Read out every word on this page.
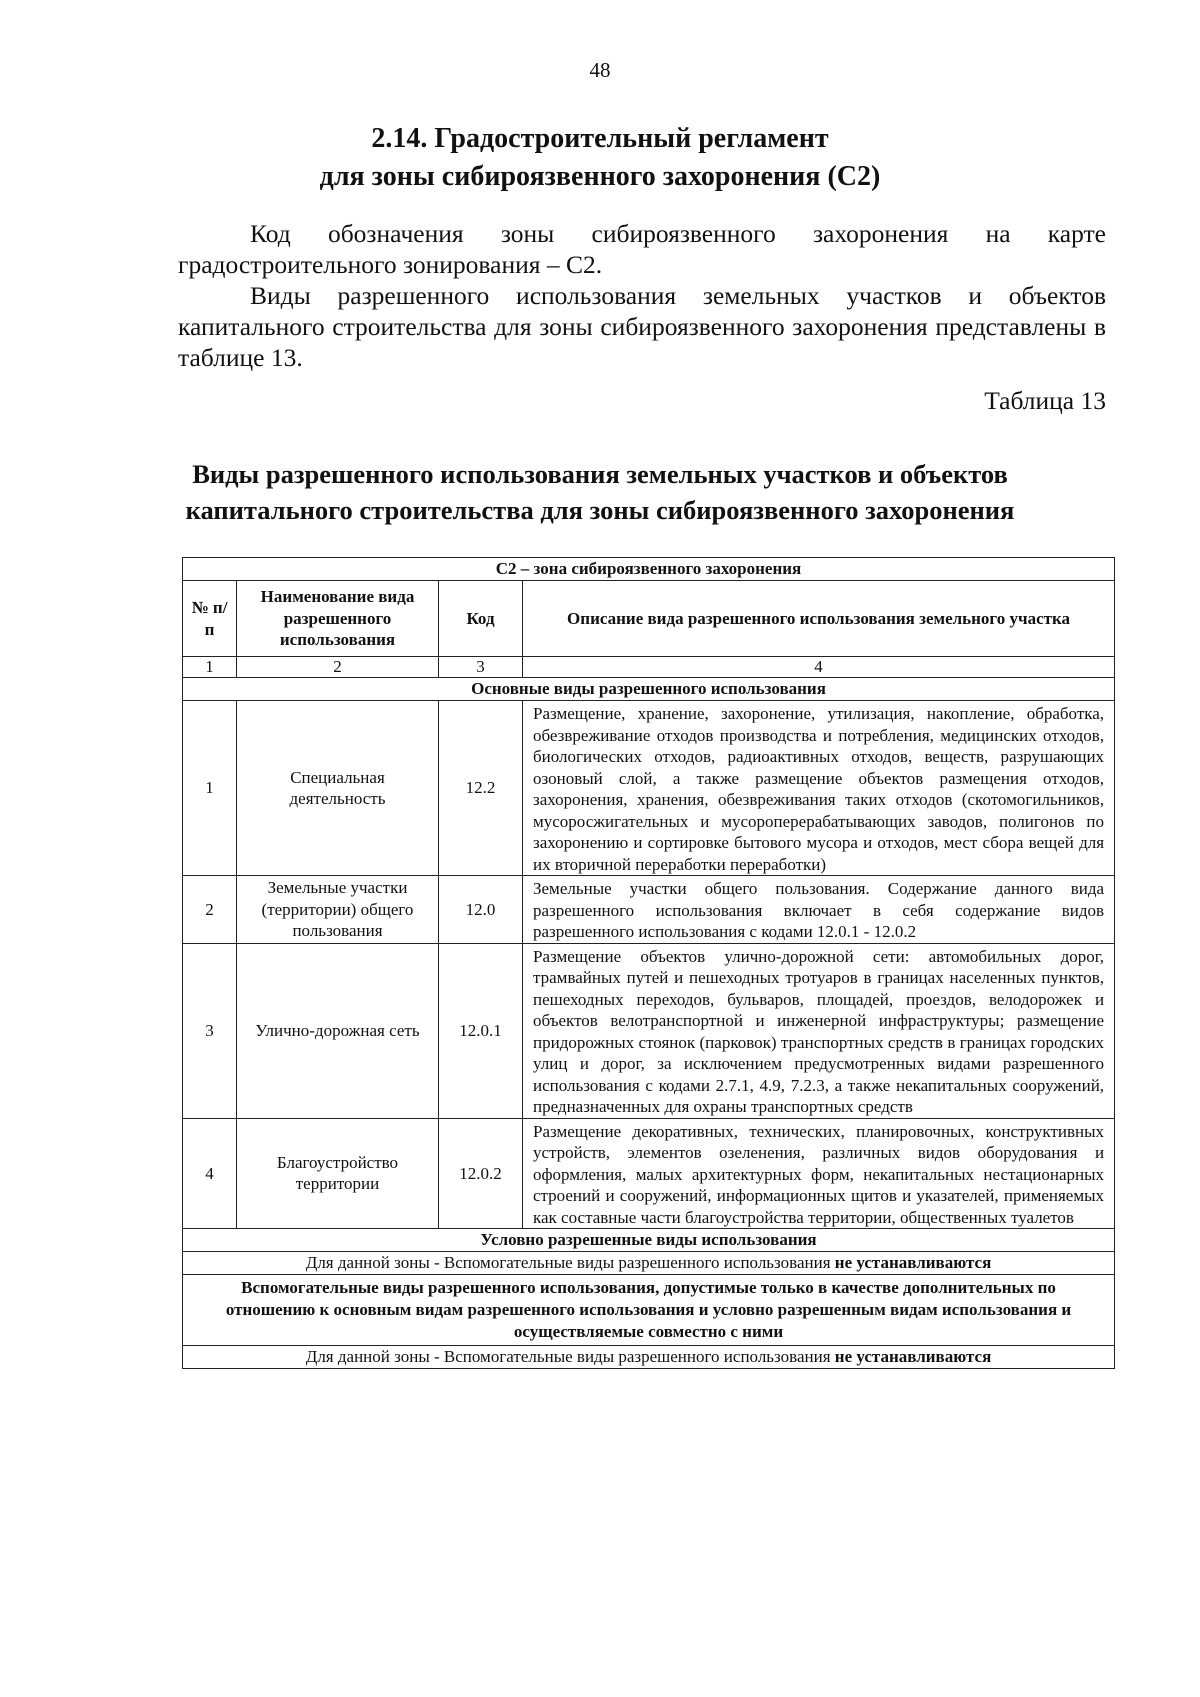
48
2.14. Градостроительный регламент
для зоны сибироязвенного захоронения (С2)

Код обозначения зоны сибироязвенного захоронения на карте градостроительного зонирования – С2.

Виды разрешенного использования земельных участков и объектов капитального строительства для зоны сибироязвенного захоронения представлены в таблице 13.

Таблица 13
Виды разрешенного использования земельных участков и объектов
капитального строительства для зоны сибироязвенного захоронения
С2 – зона сибироязвенного захоронения			
№ п/п	Наименование вида разрешенного использования	Код	Описание вида разрешенного использования земельного участка
1	2	3	4
Основные виды разрешенного использования			
1	Специальная деятельность	12.2	Размещение, хранение, захоронение, утилизация, накопление, обработка, обезвреживание отходов производства и потребления, медицинских отходов, биологических отходов, радиоактивных отходов, веществ, разрушающих озоновый слой, а также размещение объектов размещения отходов, захоронения, хранения, обезвреживания таких отходов (скотомогильников, мусоросжигательных и мусороперерабатывающих заводов, полигонов по захоронению и сортировке бытового мусора и отходов, мест сбора вещей для их вторичной переработки переработки)
2	Земельные участки (территории) общего пользования	12.0	Земельные участки общего пользования. Содержание данного вида разрешенного использования включает в себя содержание видов разрешенного использования с кодами 12.0.1 - 12.0.2
3	Улично-дорожная сеть	12.0.1	Размещение объектов улично-дорожной сети: автомобильных дорог, трамвайных путей и пешеходных тротуаров в границах населенных пунктов, пешеходных переходов, бульваров, площадей, проездов, велодорожек и объектов велотранспортной и инженерной инфраструктуры; размещение придорожных стоянок (парковок) транспортных средств в границах городских улиц и дорог, за исключением предусмотренных видами разрешенного использования с кодами 2.7.1, 4.9, 7.2.3, а также некапитальных сооружений, предназначенных для охраны транспортных средств
4	Благоустройство территории	12.0.2	Размещение декоративных, технических, планировочных, конструктивных устройств, элементов озеленения, различных видов оборудования и оформления, малых архитектурных форм, некапитальных нестационарных строений и сооружений, информационных щитов и указателей, применяемых как составные части благоустройства территории, общественных туалетов
Условно разрешенные виды использования			
Для данной зоны - Вспомогательные виды разрешенного использования не устанавливаются			
Вспомогательные виды разрешенного использования, допустимые только в качестве дополнительных по отношению к основным видам разрешенного использования и условно разрешенным видам использования и осуществляемые совместно с ними			
Для данной зоны - Вспомогательные виды разрешенного использования не устанавливаются			
